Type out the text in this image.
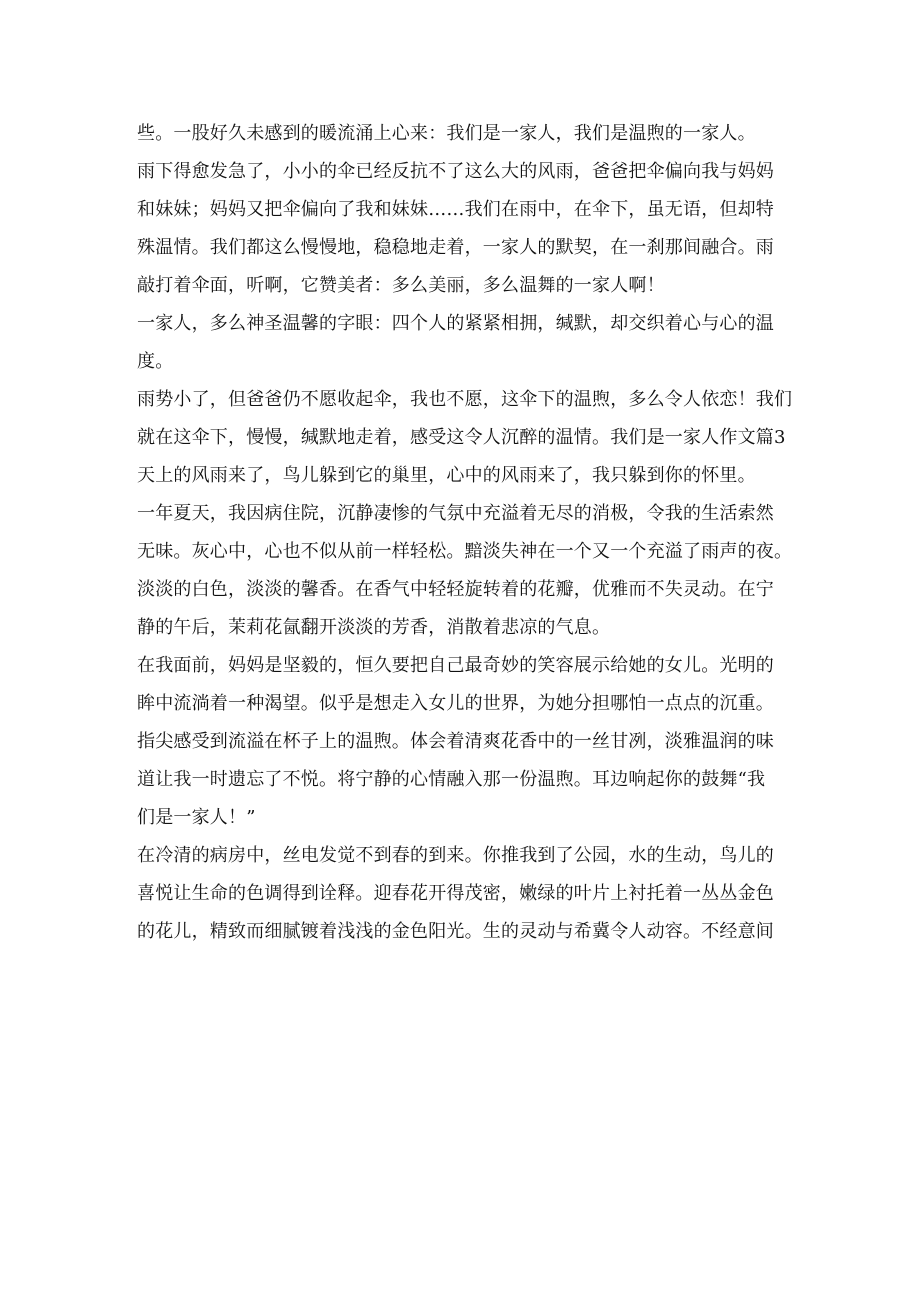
些。一股好久未感到的暖流涌上心来：我们是一家人，我们是温煦的一家人。
雨下得愈发急了，小小的伞已经反抗不了这么大的风雨，爸爸把伞偏向我与妈妈
和妹妹；妈妈又把伞偏向了我和妹妹……我们在雨中，在伞下，虽无语，但却特
殊温情。我们都这么慢慢地，稳稳地走着，一家人的默契，在一刹那间融合。雨
敲打着伞面，听啊，它赞美者：多么美丽，多么温舞的一家人啊！
一家人，多么神圣温馨的字眼：四个人的紧紧相拥，缄默，却交织着心与心的温
度。
雨势小了，但爸爸仍不愿收起伞，我也不愿，这伞下的温煦，多么令人依恋！我们
就在这伞下，慢慢，缄默地走着，感受这令人沉醉的温情。我们是一家人作文篇3
天上的风雨来了，鸟儿躲到它的巢里，心中的风雨来了，我只躲到你的怀里。
一年夏天，我因病住院，沉静凄惨的气氛中充溢着无尽的消极，令我的生活索然
无味。灰心中，心也不似从前一样轻松。黯淡失神在一个又一个充溢了雨声的夜。
淡淡的白色，淡淡的馨香。在香气中轻轻旋转着的花瓣，优雅而不失灵动。在宁
静的午后，茉莉花氤翻开淡淡的芳香，消散着悲凉的气息。
在我面前，妈妈是坚毅的，恒久要把自己最奇妙的笑容展示给她的女儿。光明的
眸中流淌着一种渴望。似乎是想走入女儿的世界，为她分担哪怕一点点的沉重。
指尖感受到流溢在杯子上的温煦。体会着清爽花香中的一丝甘冽，淡雅温润的味
道让我一时遗忘了不悦。将宁静的心情融入那一份温煦。耳边响起你的鼓舞“我
们是一家人！”
在冷清的病房中，丝电发觉不到春的到来。你推我到了公园，水的生动，鸟儿的
喜悦让生命的色调得到诠释。迎春花开得茂密，嫩绿的叶片上衬托着一丛丛金色
的花儿，精致而细腻镀着浅浅的金色阳光。生的灵动与希冀令人动容。不经意间
